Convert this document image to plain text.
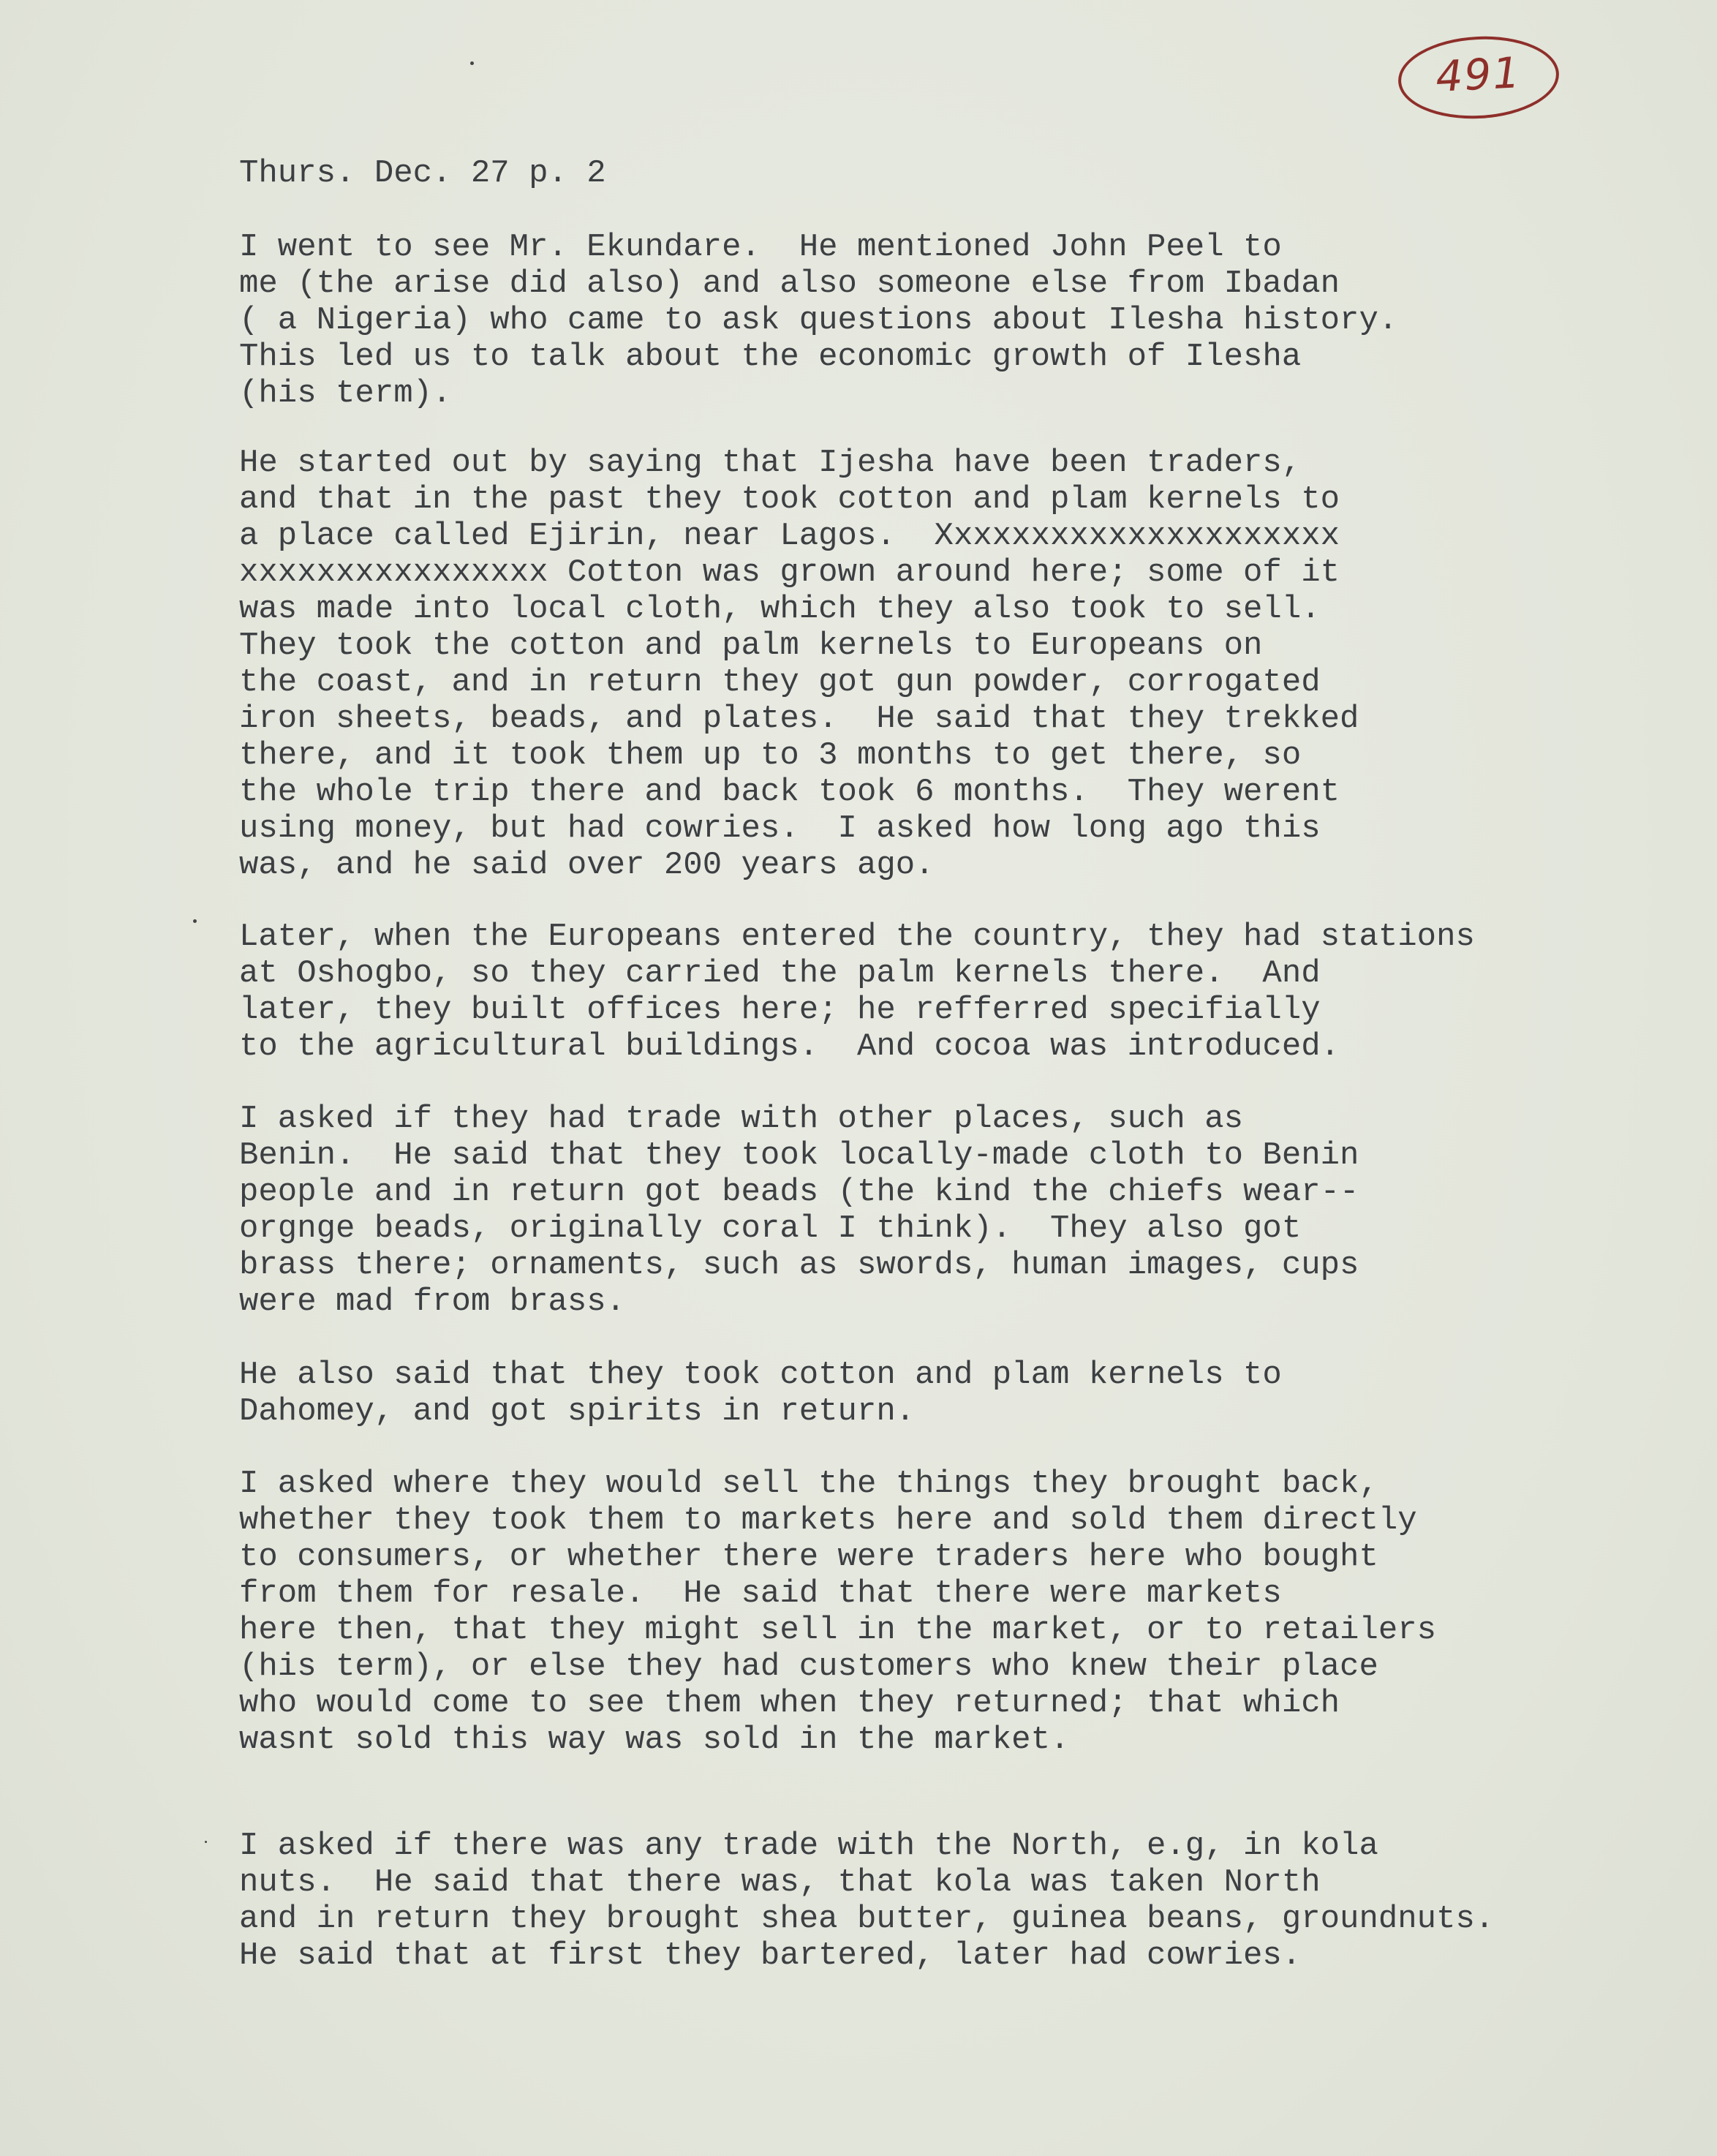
491
Thurs. Dec. 27 p. 2
I went to see Mr. Ekundare.  He mentioned John Peel to
me (the arise did also) and also someone else from Ibadan
( a Nigeria) who came to ask questions about Ilesha history.
This led us to talk about the economic growth of Ilesha
(his term).
He started out by saying that Ijesha have been traders,
and that in the past they took cotton and plam kernels to
a place called Ejirin, near Lagos.  Xxxxxxxxxxxxxxxxxxxxx
xxxxxxxxxxxxxxxx Cotton was grown around here; some of it
was made into local cloth, which they also took to sell.
They took the cotton and palm kernels to Europeans on
the coast, and in return they got gun powder, corrogated
iron sheets, beads, and plates.  He said that they trekked
there, and it took them up to 3 months to get there, so
the whole trip there and back took 6 months.  They werent
using money, but had cowries.  I asked how long ago this
was, and he said over 200 years ago.
Later, when the Europeans entered the country, they had stations
at Oshogbo, so they carried the palm kernels there.  And
later, they built offices here; he refferred specifially
to the agricultural buildings.  And cocoa was introduced.
I asked if they had trade with other places, such as
Benin.  He said that they took locally-made cloth to Benin
people and in return got beads (the kind the chiefs wear--
orgnge beads, originally coral I think).  They also got
brass there; ornaments, such as swords, human images, cups
were mad from brass.
He also said that they took cotton and plam kernels to
Dahomey, and got spirits in return.
I asked where they would sell the things they brought back,
whether they took them to markets here and sold them directly
to consumers, or whether there were traders here who bought
from them for resale.  He said that there were markets
here then, that they might sell in the market, or to retailers
(his term), or else they had customers who knew their place
who would come to see them when they returned; that which
wasnt sold this way was sold in the market.
I asked if there was any trade with the North, e.g, in kola
nuts.  He said that there was, that kola was taken North
and in return they brought shea butter, guinea beans, groundnuts.
He said that at first they bartered, later had cowries.
